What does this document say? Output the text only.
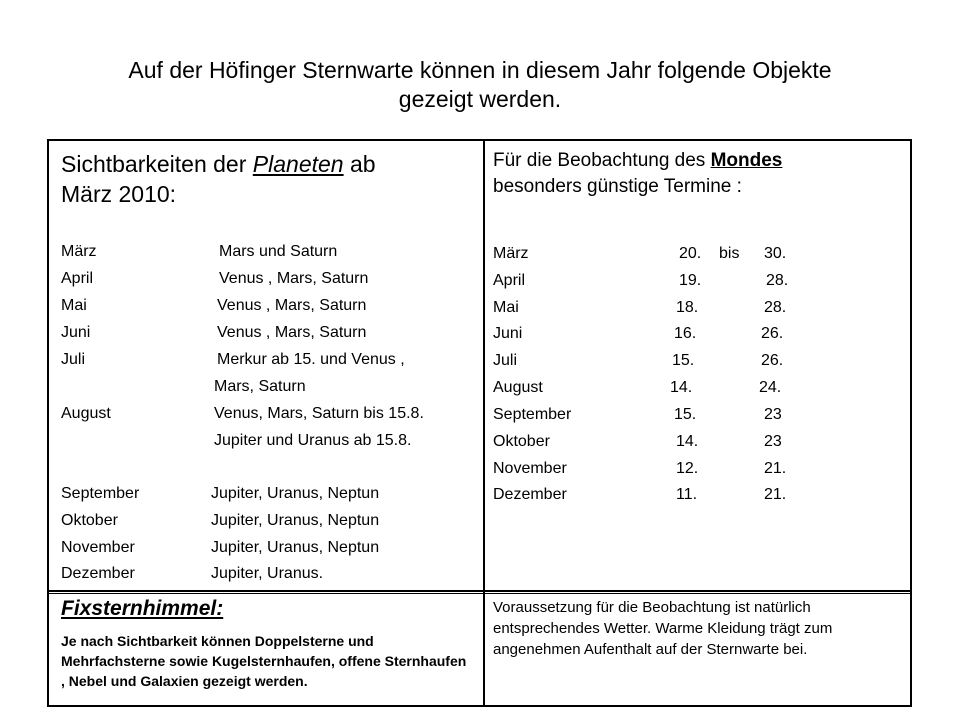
Auf der Höfinger Sternwarte können in diesem Jahr folgende Objekte
gezeigt werden.
Sichtbarkeiten der Planeten ab
März 2010:
März	Mars und Saturn
April	Venus , Mars, Saturn
Mai	Venus , Mars, Saturn
Juni	Venus , Mars, Saturn
Juli	Merkur ab 15. und Venus ,
Mars, Saturn
August	Venus, Mars, Saturn bis 15.8.
Jupiter und Uranus ab 15.8.
September	Jupiter, Uranus, Neptun
Oktober	Jupiter, Uranus, Neptun
November	Jupiter, Uranus, Neptun
Dezember	Jupiter, Uranus.
Für die Beobachtung des Mondes
besonders günstige Termine :
März	20. bis 30.
April	19.	28.
Mai	18.	28.
Juni	16.	26.
Juli	15.	26.
August	14.	24.
September	15.	23
Oktober	14.	23
November	12.	21.
Dezember	11.	21.
Fixsternhimmel:
Je nach Sichtbarkeit können Doppelsterne und Mehrfachsterne sowie Kugelsternhaufen, offene Sternhaufen , Nebel und Galaxien gezeigt werden.
Voraussetzung für die Beobachtung ist natürlich entsprechendes Wetter. Warme Kleidung trägt zum angenehmen Aufenthalt auf der Sternwarte bei.
